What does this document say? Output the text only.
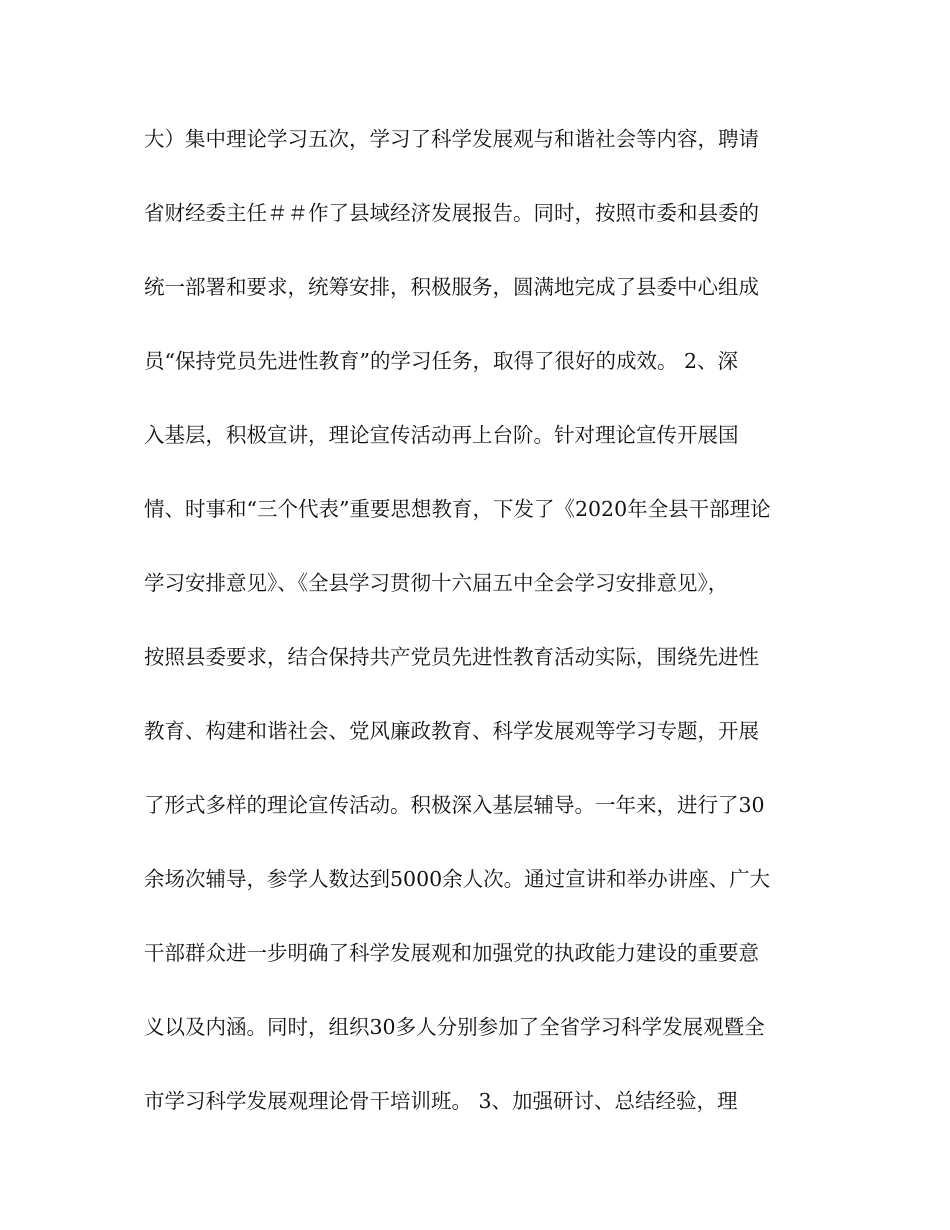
大）集中理论学习五次，学习了科学发展观与和谐社会等内容，聘请
省财经委主任＃＃作了县域经济发展报告。同时，按照市委和县委的
统一部署和要求，统筹安排，积极服务，圆满地完成了县委中心组成
员“保持党员先进性教育”的学习任务，取得了很好的成效。 2、深
入基层，积极宣讲，理论宣传活动再上台阶。针对理论宣传开展国
情、时事和“三个代表”重要思想教育，下发了《2020年全县干部理论
学习安排意见》、《全县学习贯彻十六届五中全会学习安排意见》，
按照县委要求，结合保持共产党员先进性教育活动实际，围绕先进性
教育、构建和谐社会、党风廉政教育、科学发展观等学习专题，开展
了形式多样的理论宣传活动。积极深入基层辅导。一年来，进行了30
余场次辅导，参学人数达到5000余人次。通过宣讲和举办讲座、广大
干部群众进一步明确了科学发展观和加强党的执政能力建设的重要意
义以及内涵。同时，组织30多人分别参加了全省学习科学发展观暨全
市学习科学发展观理论骨干培训班。 3、加强研讨、总结经验，理
